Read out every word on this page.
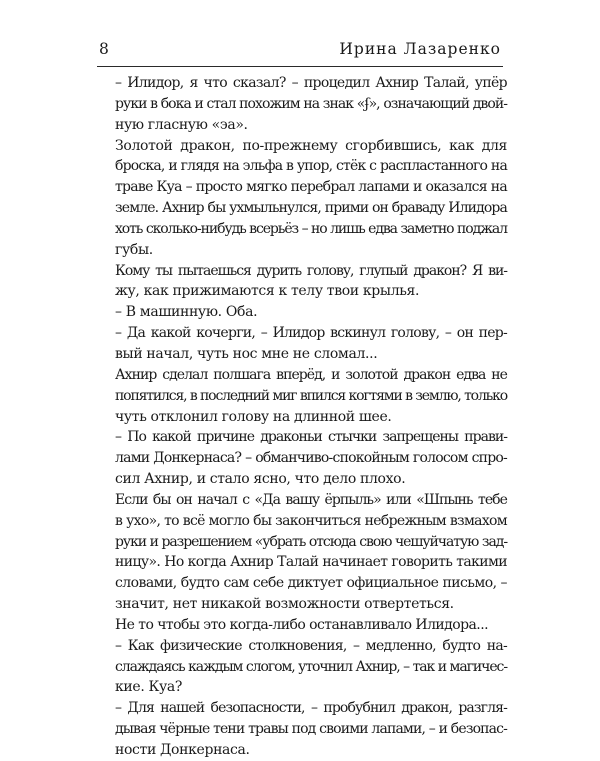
8	Ирина Лазаренко
– Илидор, я что сказал? – процедил Ахнир Талай, упёр
руки в бока и стал похожим на знак «ʄ», означающий двой-
ную гласную «эа».
Золотой дракон, по-прежнему сгорбившись, как для
броска, и глядя на эльфа в упор, стёк с распластанного на
траве Куа – просто мягко перебрал лапами и оказался на
земле. Ахнир бы ухмыльнулся, прими он браваду Илидора
хоть сколько-нибудь всерьёз – но лишь едва заметно поджал
губы.
Кому ты пытаешься дурить голову, глупый дракон? Я ви-
жу, как прижимаются к телу твои крылья.
– В машинную. Оба.
– Да какой кочерги, – Илидор вскинул голову, – он пер-
вый начал, чуть нос мне не сломал...
Ахнир сделал полшага вперёд, и золотой дракон едва не
попятился, в последний миг впился когтями в землю, только
чуть отклонил голову на длинной шее.
– По какой причине драконьи стычки запрещены прави-
лами Донкернаса? – обманчиво-спокойным голосом спро-
сил Ахнир, и стало ясно, что дело плохо.
Если бы он начал с «Да вашу ёрпыль» или «Шпынь тебе
в ухо», то всё могло бы закончиться небрежным взмахом
руки и разрешением «убрать отсюда свою чешуйчатую зад-
ницу». Но когда Ахнир Талай начинает говорить такими
словами, будто сам себе диктует официальное письмо, –
значит, нет никакой возможности отвертеться.
Не то чтобы это когда-либо останавливало Илидора...
– Как физические столкновения, – медленно, будто на-
слаждаясь каждым слогом, уточнил Ахнир, – так и магичес-
кие. Куа?
– Для нашей безопасности, – пробубнил дракон, разгля-
дывая чёрные тени травы под своими лапами, – и безопас-
ности Донкернаса.
